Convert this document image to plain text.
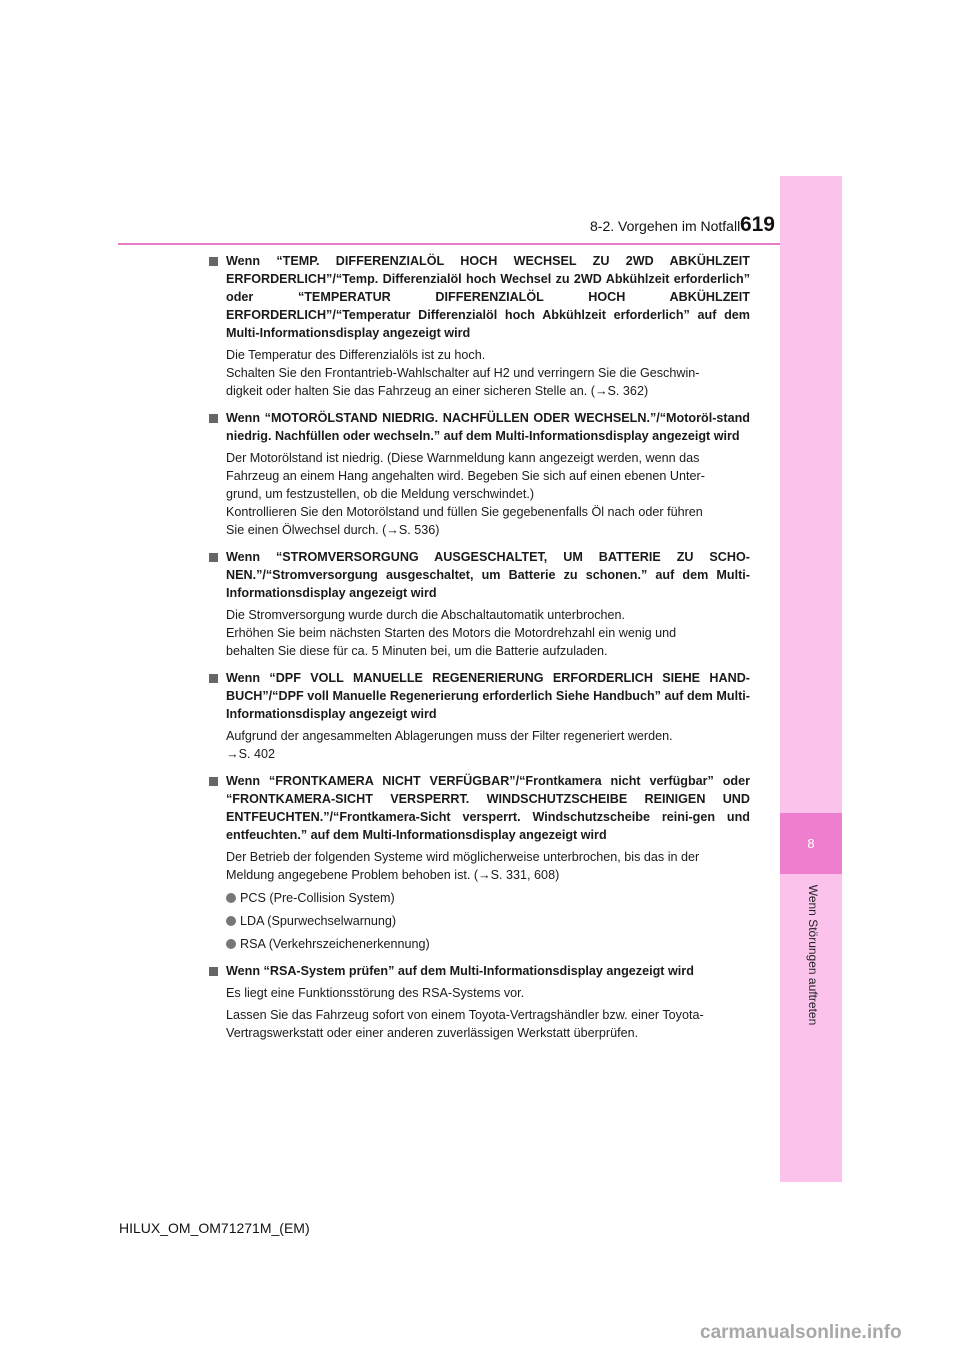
8-2. Vorgehen im Notfall 619
8
Wenn Störungen auftreten
Wenn “TEMP. DIFFERENZIALÖL HOCH WECHSEL ZU 2WD ABKÜHLZEIT ERFORDERLICH”/“Temp. Differenzialöl hoch Wechsel zu 2WD Abkühlzeit erforderlich” oder “TEMPERATUR DIFFERENZIALÖL HOCH ABKÜHLZEIT ERFORDERLICH”/“Temperatur Differenzialöl hoch Abkühlzeit erforderlich” auf dem Multi-Informationsdisplay angezeigt wird
Die Temperatur des Differenzialöls ist zu hoch.
Schalten Sie den Frontantrieb-Wahlschalter auf H2 und verringern Sie die Geschwin-
digkeit oder halten Sie das Fahrzeug an einer sicheren Stelle an. (→S. 362)
Wenn “MOTORÖLSTAND NIEDRIG. NACHFÜLLEN ODER WECHSELN.”/“Motoröl-stand niedrig. Nachfüllen oder wechseln.” auf dem Multi-Informationsdisplay angezeigt wird
Der Motorölstand ist niedrig. (Diese Warnmeldung kann angezeigt werden, wenn das
Fahrzeug an einem Hang angehalten wird. Begeben Sie sich auf einen ebenen Unter-
grund, um festzustellen, ob die Meldung verschwindet.)
Kontrollieren Sie den Motorölstand und füllen Sie gegebenenfalls Öl nach oder führen
Sie einen Ölwechsel durch. (→S. 536)
Wenn “STROMVERSORGUNG AUSGESCHALTET, UM BATTERIE ZU SCHO-NEN.”/“Stromversorgung ausgeschaltet, um Batterie zu schonen.” auf dem Multi-Informationsdisplay angezeigt wird
Die Stromversorgung wurde durch die Abschaltautomatik unterbrochen.
Erhöhen Sie beim nächsten Starten des Motors die Motordrehzahl ein wenig und
behalten Sie diese für ca. 5 Minuten bei, um die Batterie aufzuladen.
Wenn “DPF VOLL MANUELLE REGENERIERUNG ERFORDERLICH SIEHE HAND-BUCH”/“DPF voll Manuelle Regenerierung erforderlich Siehe Handbuch” auf dem Multi-Informationsdisplay angezeigt wird
Aufgrund der angesammelten Ablagerungen muss der Filter regeneriert werden.
→S. 402
Wenn “FRONTKAMERA NICHT VERFÜGBAR”/“Frontkamera nicht verfügbar” oder “FRONTKAMERA-SICHT VERSPERRT. WINDSCHUTZSCHEIBE REINIGEN UND ENTFEUCHTEN.”/“Frontkamera-Sicht versperrt. Windschutzscheibe reini-gen und entfeuchten.” auf dem Multi-Informationsdisplay angezeigt wird
Der Betrieb der folgenden Systeme wird möglicherweise unterbrochen, bis das in der
Meldung angegebene Problem behoben ist. (→S. 331, 608)
PCS (Pre-Collision System)
LDA (Spurwechselwarnung)
RSA (Verkehrszeichenerkennung)
Wenn “RSA-System prüfen” auf dem Multi-Informationsdisplay angezeigt wird
Es liegt eine Funktionsstörung des RSA-Systems vor.
Lassen Sie das Fahrzeug sofort von einem Toyota-Vertragshändler bzw. einer Toyota-
Vertragswerkstatt oder einer anderen zuverlässigen Werkstatt überprüfen.
HILUX_OM_OM71271M_(EM)
carmanualsonline.info
